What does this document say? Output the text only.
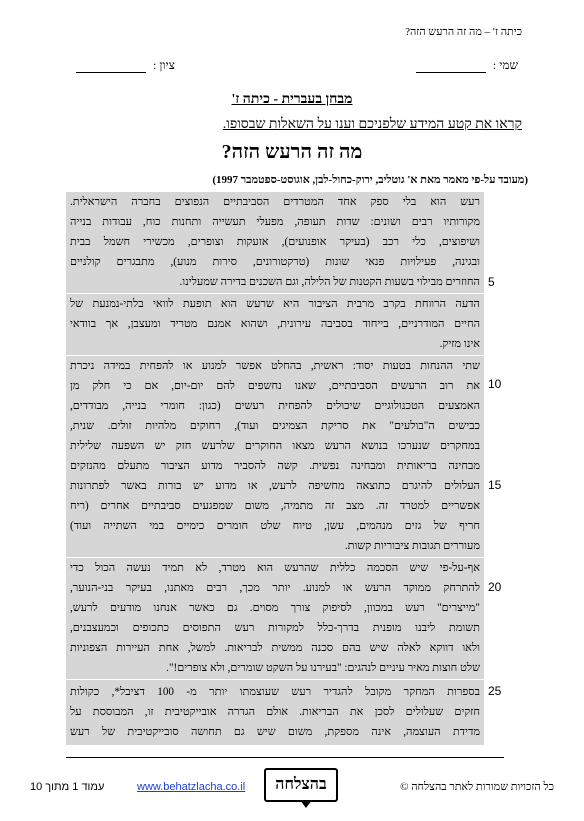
כיתה ז' – מה זה הרעש הזה?
שמי :
ציון :
מבחן בעברית - כיתה ז'
קראו את קטע המידע שלפניכם וענו על השאלות שבסופו.
מה זה הרעש הזה?
(מעובד על-פי מאמר מאת א' גוטליב, ירוק-כחול-לבן, אוגוסט-ספטמבר 1997)
רעש הוא בלי ספק אחד המטרדים הסביבתיים הנפוצים בחברה הישראלית.
מקורותיו רבים ושונים: שדות תעופה, מפעלי תעשייה ותחנות כוח, עבודות בנייה
ושיפוצים, כלי רכב (בעיקר אופנועים), אזעקות וצופרים, מכשירי חשמל בבית
ובגינה, פעילויות פנאי שונות (טרקטורונים, סירות מנוע), מתבגרים קולניים
החוזרים מבילוי בשעות הקטנות של הלילה, וגם השכנים בדירה שמעלינו.
הדעה הרווחת בקרב מרבית הציבור היא שרעש הוא תופעת לוואי בלתי-נמנעת של
החיים המודרניים, בייחוד בסביבה עירונית, ושהוא אמנם מטריד ומעצבן, אך בוודאי
אינו מזיק.
שתי ההנחות בטעות יסוד: ראשית, בהחלט אפשר למנוע או להפחית במידה ניכרת
את רוב הרעשים הסביבתיים, שאנו נחשפים להם יום-יום, אם כי חלק מן
האמצעים הטכנולוגיים שיכולים להפחית רעשים (כגון: חומרי בנייה, מבודדים,
כבישים ה"בולעים" את סריקת הצמיגים ועוד), רחוקים מלהיות זולים. שנית,
במחקרים שנערכו בנושא הרעש מצאו החוקרים שלרעש חזק יש השפעה שלילית
מבחינה בריאותית ומבחינה נפשית. קשה להסביר מדוע הציבור מתעלם מהנזקים
העלולים להיגרם כתוצאה מחשיפה לרעש, או מדוע יש בורות באשר לפתרונות
אפשריים למטרד זה. מצב זה מתמיה, משום שמפגעים סביבתיים אחרים (ריח
חריף של גזים מנהמים, עשן, טיוח שלט חומרים כימיים במי השתייה ועוד)
מעוררים תגובות ציבוריות קשות.
אף-על-פי שיש הסכמה כללית שהרעש הוא מטרד, לא תמיד נעשה הכול כדי
להתרחק ממוקד הרעש או למנוע. יותר מכך, רבים מאתנו, בעיקר בני-הנוער,
"מייצרים" רעש במכוון, לסיפוק צורך מסוים. גם כאשר אנחנו מודעים לרעש,
תשומת ליבנו מופנית בדרך-כלל למקורות רעש התפוסים כתכופים וכמעצבנים,
ולאו דווקא לאלה שיש בהם סכנה ממשית לבריאות. למשל, אחת העיירות הצפוניות
שלט חוצות מאיר עיניים לנהגים: "בעירנו על השקט שומרים, ולא צופרים!".
בספרות המחקר מקובל להגדיר רעש שעוצמתו יותר מ- 100 דציבל*, כקולות
חזקים שעלולים לסכן את הבריאות. אולם הגדרה אובייקטיבית זו, המבוססת על
מדידת העוצמה, אינה מספקת, משום שיש גם תחושה סובייקטיבית של רעש
5
10
15
20
25
כל הזכויות שמורות לאתר בהצלחה ©
בהצלחה
www.behatzlacha.co.il
עמוד 1 מתוך 10
